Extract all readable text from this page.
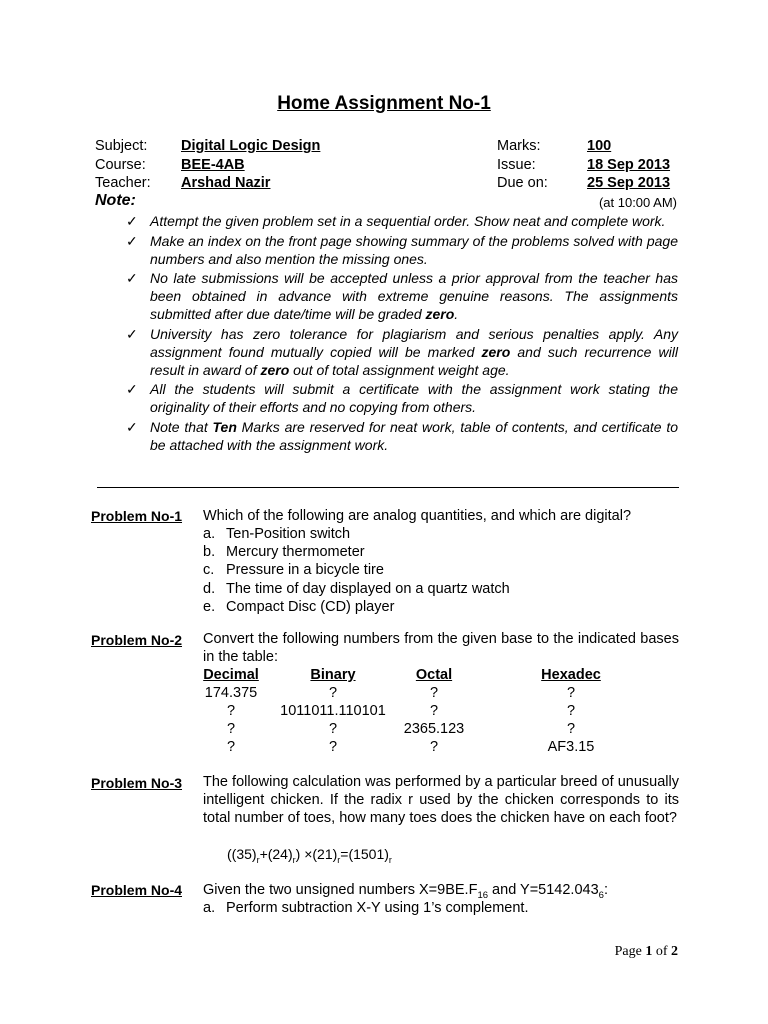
Home Assignment No-1
Subject: Digital Logic Design
Course: BEE-4AB
Teacher: Arshad Nazir
Marks:	100
Issue:	18 Sep 2013
Due on:	25 Sep 2013
Note:	(at 10:00 AM)
✓ Attempt the given problem set in a sequential order. Show neat and complete work.
✓ Make an index on the front page showing summary of the problems solved with page numbers and also mention the missing ones.
✓ No late submissions will be accepted unless a prior approval from the teacher has been obtained in advance with extreme genuine reasons. The assignments submitted after due date/time will be graded zero.
✓ University has zero tolerance for plagiarism and serious penalties apply. Any assignment found mutually copied will be marked zero and such recurrence will result in award of zero out of total assignment weight age.
✓ All the students will submit a certificate with the assignment work stating the originality of their efforts and no copying from others.
✓ Note that Ten Marks are reserved for neat work, table of contents, and certificate to be attached with the assignment work.
Problem No-1 Which of the following are analog quantities, and which are digital?
a. Ten-Position switch
b. Mercury thermometer
c. Pressure in a bicycle tire
d. The time of day displayed on a quartz watch
e. Compact Disc (CD) player
Problem No-2 Convert the following numbers from the given base to the indicated bases in the table:
Decimal	Binary	Octal	Hexadec
174.375	?	?	?
?	1011011.110101	?	?
?	?	2365.123	?
?	?	?	AF3.15
Problem No-3 The following calculation was performed by a particular breed of unusually intelligent chicken. If the radix r used by the chicken corresponds to its total number of toes, how many toes does the chicken have on each foot?
$((35)_r+(24)_r) \times(21)_r=(1501)_r$
Problem No-4 Given the two unsigned numbers $X=9BE.F_{16}$ and $Y=5142.043_6$:
a. Perform subtraction X-Y using 1’s complement.
Page 1 of 2
